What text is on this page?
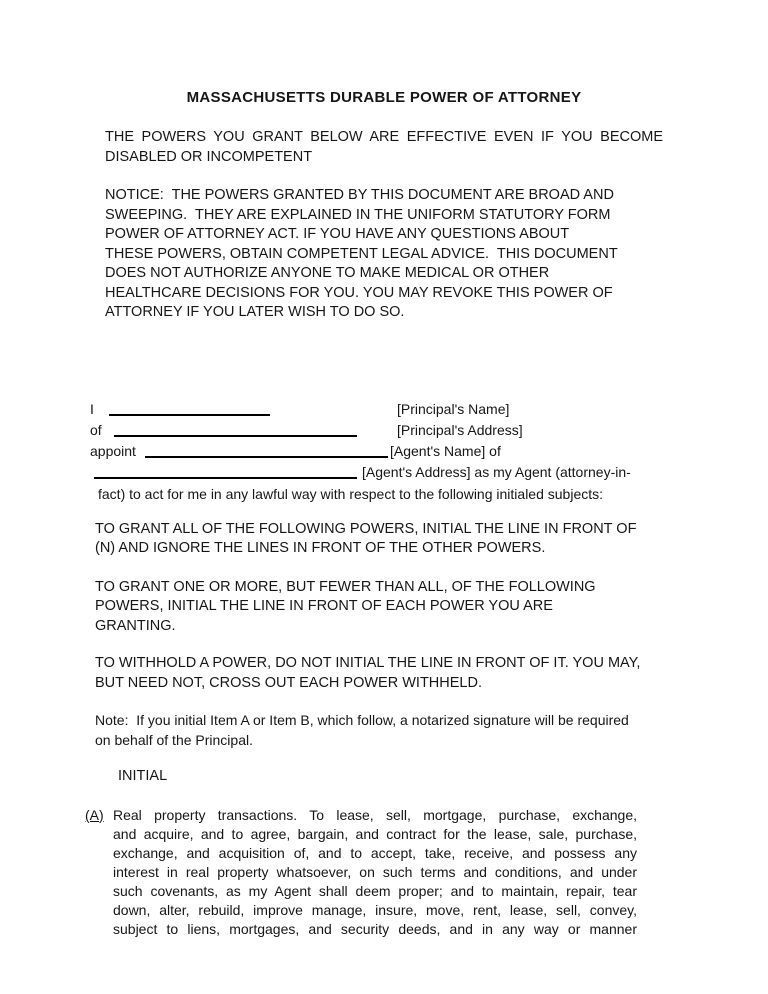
MASSACHUSETTS DURABLE POWER OF ATTORNEY
THE POWERS YOU GRANT BELOW ARE EFFECTIVE EVEN IF YOU BECOME
DISABLED OR INCOMPETENT
NOTICE:  THE POWERS GRANTED BY THIS DOCUMENT ARE BROAD AND
SWEEPING.  THEY ARE EXPLAINED IN THE UNIFORM STATUTORY FORM
POWER OF ATTORNEY ACT. IF YOU HAVE ANY QUESTIONS ABOUT
THESE POWERS, OBTAIN COMPETENT LEGAL ADVICE.  THIS DOCUMENT
DOES NOT AUTHORIZE ANYONE TO MAKE MEDICAL OR OTHER
HEALTHCARE DECISIONS FOR YOU. YOU MAY REVOKE THIS POWER OF
ATTORNEY IF YOU LATER WISH TO DO SO.
I	[Principal's Name]
of	[Principal's Address]
appoint	[Agent's Name] of
[Agent's Address] as my Agent (attorney-in-
fact) to act for me in any lawful way with respect to the following initialed subjects:
TO GRANT ALL OF THE FOLLOWING POWERS, INITIAL THE LINE IN FRONT OF
(N) AND IGNORE THE LINES IN FRONT OF THE OTHER POWERS.
TO GRANT ONE OR MORE, BUT FEWER THAN ALL, OF THE FOLLOWING
POWERS, INITIAL THE LINE IN FRONT OF EACH POWER YOU ARE
GRANTING.
TO WITHHOLD A POWER, DO NOT INITIAL THE LINE IN FRONT OF IT. YOU MAY,
BUT NEED NOT, CROSS OUT EACH POWER WITHHELD.
Note:  If you initial Item A or Item B, which follow, a notarized signature will be required
on behalf of the Principal.
INITIAL
(A) Real property transactions. To lease, sell, mortgage, purchase, exchange,
and acquire, and to agree, bargain, and contract for the lease, sale, purchase,
exchange, and acquisition of, and to accept, take, receive, and possess any
interest in real property whatsoever, on such terms and conditions, and under
such covenants, as my Agent shall deem proper; and to maintain, repair, tear
down, alter, rebuild, improve manage, insure, move, rent, lease, sell, convey,
subject to liens, mortgages, and security deeds, and in any way or manner
